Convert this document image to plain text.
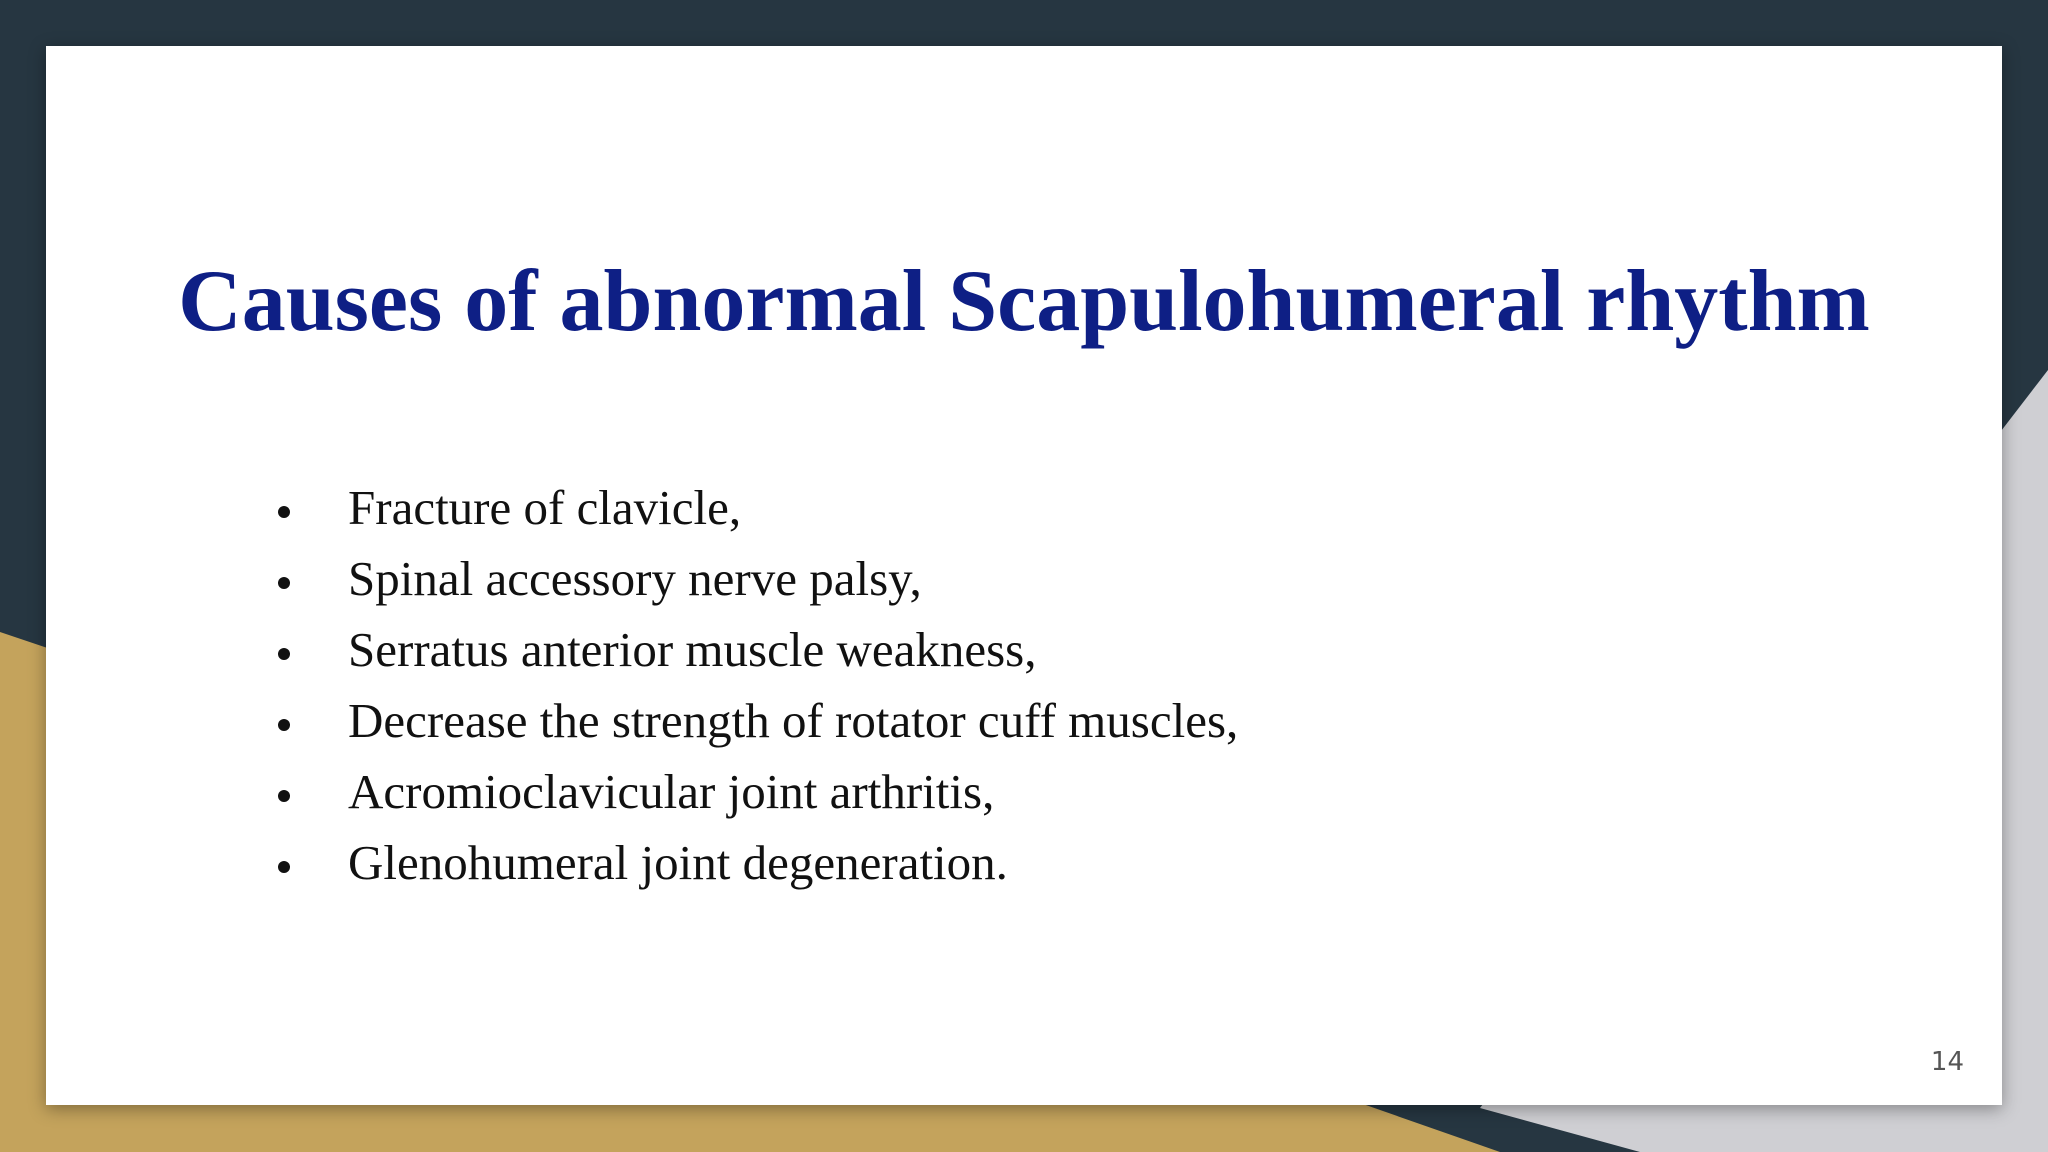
Causes of abnormal Scapulohumeral rhythm
Fracture of clavicle,
Spinal accessory nerve palsy,
Serratus anterior muscle weakness,
Decrease the strength of rotator cuff muscles,
Acromioclavicular joint arthritis,
Glenohumeral joint degeneration.
14
